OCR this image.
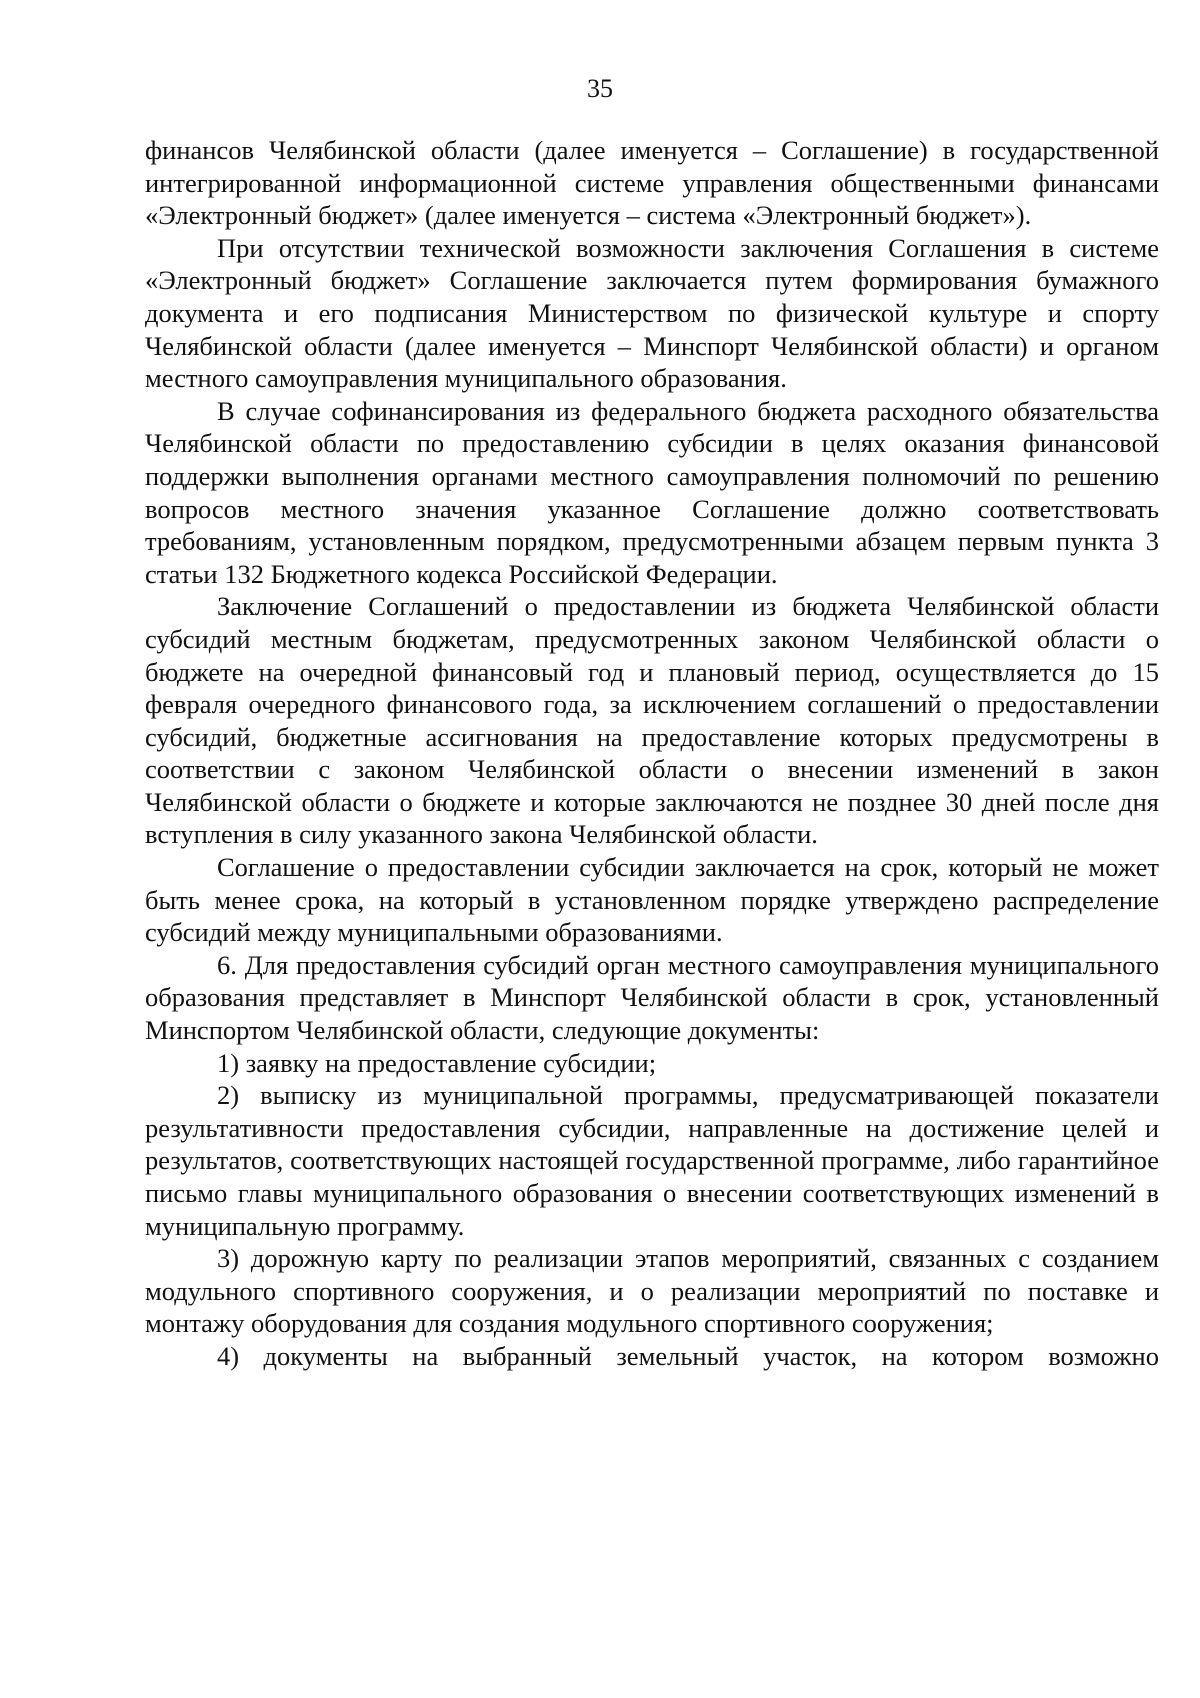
35

финансов Челябинской области (далее именуется – Соглашение) в государственной интегрированной информационной системе управления общественными финансами «Электронный бюджет» (далее именуется – система «Электронный бюджет»).

При отсутствии технической возможности заключения Соглашения в системе «Электронный бюджет» Соглашение заключается путем формирования бумажного документа и его подписания Министерством по физической культуре и спорту Челябинской области (далее именуется – Минспорт Челябинской области) и органом местного самоуправления муниципального образования.

В случае софинансирования из федерального бюджета расходного обязательства Челябинской области по предоставлению субсидии в целях оказания финансовой поддержки выполнения органами местного самоуправления полномочий по решению вопросов местного значения указанное Соглашение должно соответствовать требованиям, установленным порядком, предусмотренными абзацем первым пункта 3 статьи 132 Бюджетного кодекса Российской Федерации.

Заключение Соглашений о предоставлении из бюджета Челябинской области субсидий местным бюджетам, предусмотренных законом Челябинской области о бюджете на очередной финансовый год и плановый период, осуществляется до 15 февраля очередного финансового года, за исключением соглашений о предоставлении субсидий, бюджетные ассигнования на предоставление которых предусмотрены в соответствии с законом Челябинской области о внесении изменений в закон Челябинской области о бюджете и которые заключаются не позднее 30 дней после дня вступления в силу указанного закона Челябинской области.

Соглашение о предоставлении субсидии заключается на срок, который не может быть менее срока, на который в установленном порядке утверждено распределение субсидий между муниципальными образованиями.

6. Для предоставления субсидий орган местного самоуправления муниципального образования представляет в Минспорт Челябинской области в срок, установленный Минспортом Челябинской области, следующие документы:

1) заявку на предоставление субсидии;

2) выписку из муниципальной программы, предусматривающей показатели результативности предоставления субсидии, направленные на достижение целей и результатов, соответствующих настоящей государственной программе, либо гарантийное письмо главы муниципального образования о внесении соответствующих изменений в муниципальную программу.

3) дорожную карту по реализации этапов мероприятий, связанных с созданием модульного спортивного сооружения, и о реализации мероприятий по поставке и монтажу оборудования для создания модульного спортивного сооружения;

4) документы на выбранный земельный участок, на котором возможно
